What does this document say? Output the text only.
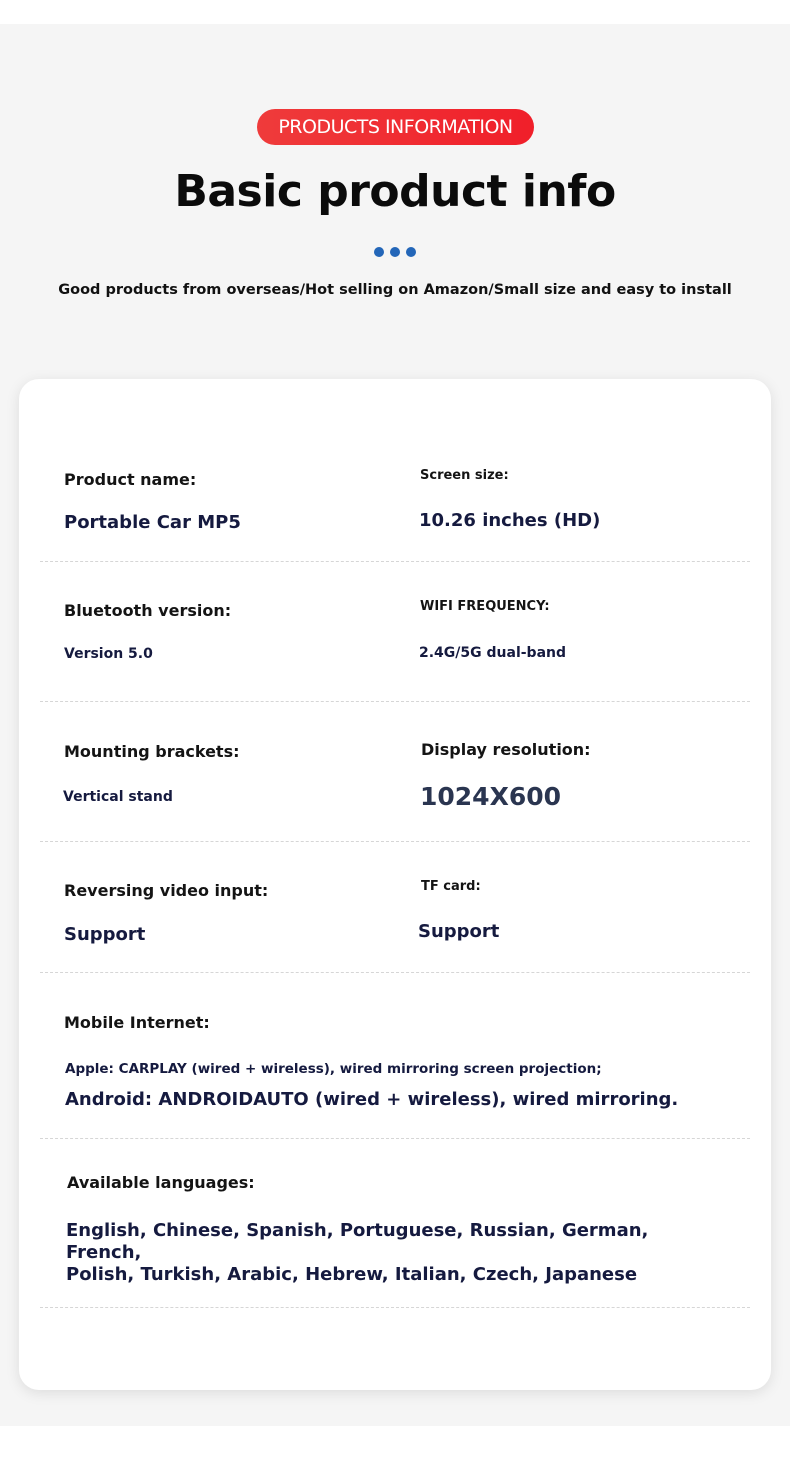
PRODUCTS INFORMATION
Basic product info
Good products from overseas/Hot selling on Amazon/Small size and easy to install
Product name:
Portable Car MP5
Screen size:
10.26 inches (HD)
Bluetooth version:
Version 5.0
WIFI FREQUENCY:
2.4G/5G dual-band
Mounting brackets:
Vertical stand
Display resolution:
1024X600
Reversing video input:
Support
TF card:
Support
Mobile Internet:
Apple: CARPLAY (wired + wireless), wired mirroring screen projection;
Android: ANDROIDAUTO (wired + wireless), wired mirroring.
Available languages:
English, Chinese, Spanish, Portuguese, Russian, German, French,
Polish, Turkish, Arabic, Hebrew, Italian, Czech, Japanese
